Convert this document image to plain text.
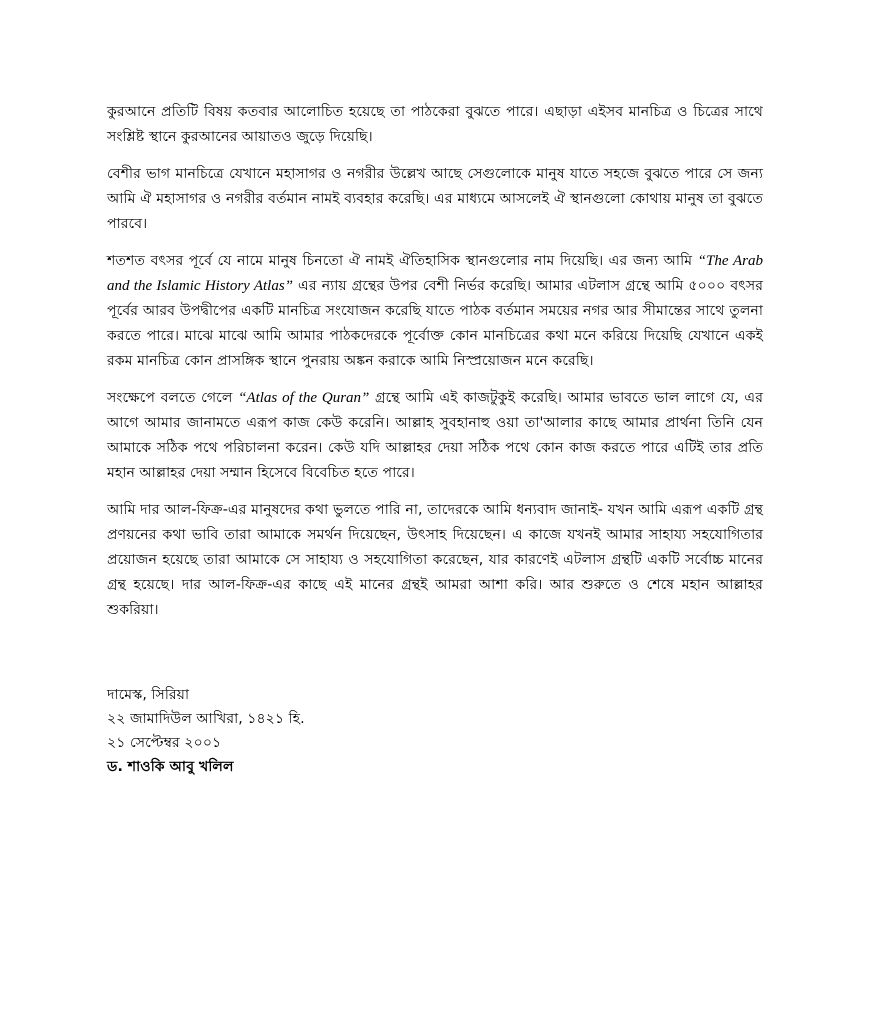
কুরআনে প্রতিটি বিষয় কতবার আলোচিত হয়েছে তা পাঠকেরা বুঝতে পারে। এছাড়া এইসব মানচিত্র ও চিত্রের সাথে সংশ্লিষ্ট স্থানে কুরআনের আয়াতও জুড়ে দিয়েছি।

বেশীর ভাগ মানচিত্রে যেখানে মহাসাগর ও নগরীর উল্লেখ আছে সেগুলোকে মানুষ যাতে সহজে বুঝতে পারে সে জন্য আমি ঐ মহাসাগর ও নগরীর বর্তমান নামই ব্যবহার করেছি। এর মাধ্যমে আসলেই ঐ স্থানগুলো কোথায় মানুষ তা বুঝতে পারবে।

শতশত বৎসর পূর্বে যে নামে মানুষ চিনতো ঐ নামই ঐতিহাসিক স্থানগুলোর নাম দিয়েছি। এর জন্য আমি “The Arab and the Islamic History Atlas” এর ন্যায় গ্রন্থের উপর বেশী নির্ভর করেছি। আমার এটলাস গ্রন্থে আমি ৫০০০ বৎসর পূর্বের আরব উপদ্বীপের একটি মানচিত্র সংযোজন করেছি যাতে পাঠক বর্তমান সময়ের নগর আর সীমান্তের সাথে তুলনা করতে পারে। মাঝে মাঝে আমি আমার পাঠকদেরকে পূর্বোক্ত কোন মানচিত্রের কথা মনে করিয়ে দিয়েছি যেখানে একই রকম মানচিত্র কোন প্রাসঙ্গিক স্থানে পুনরায় অঙ্কন করাকে আমি নিস্প্রয়োজন মনে করেছি।

সংক্ষেপে বলতে গেলে “Atlas of the Quran” গ্রন্থে আমি এই কাজটুকুই করেছি। আমার ভাবতে ভাল লাগে যে, এর আগে আমার জানামতে এরূপ কাজ কেউ করেনি। আল্লাহ সুবহানাহু ওয়া তা'আলার কাছে আমার প্রার্থনা তিনি যেন আমাকে সঠিক পথে পরিচালনা করেন। কেউ যদি আল্লাহর দেয়া সঠিক পথে কোন কাজ করতে পারে এটিই তার প্রতি মহান আল্লাহর দেয়া সম্মান হিসেবে বিবেচিত হতে পারে।

আমি দার আল-ফিক্র-এর মানুষদের কথা ভুলতে পারি না, তাদেরকে আমি ধন্যবাদ জানাই- যখন আমি এরূপ একটি গ্রন্থ প্রণয়নের কথা ভাবি তারা আমাকে সমর্থন দিয়েছেন, উৎসাহ দিয়েছেন। এ কাজে যখনই আমার সাহায্য সহযোগিতার প্রয়োজন হয়েছে তারা আমাকে সে সাহায্য ও সহযোগিতা করেছেন, যার কারণেই এটলাস গ্রন্থটি একটি সর্বোচ্চ মানের গ্রন্থ হয়েছে। দার আল-ফিক্র-এর কাছে এই মানের গ্রন্থই আমরা আশা করি। আর শুরুতে ও শেষে মহান আল্লাহর শুকরিয়া।

দামেস্ক, সিরিয়া

২২ জামাদিউল আখিরা, ১৪২১ হি.

২১ সেপ্টেম্বর ২০০১

ড. শাওকি আবু খলিল
